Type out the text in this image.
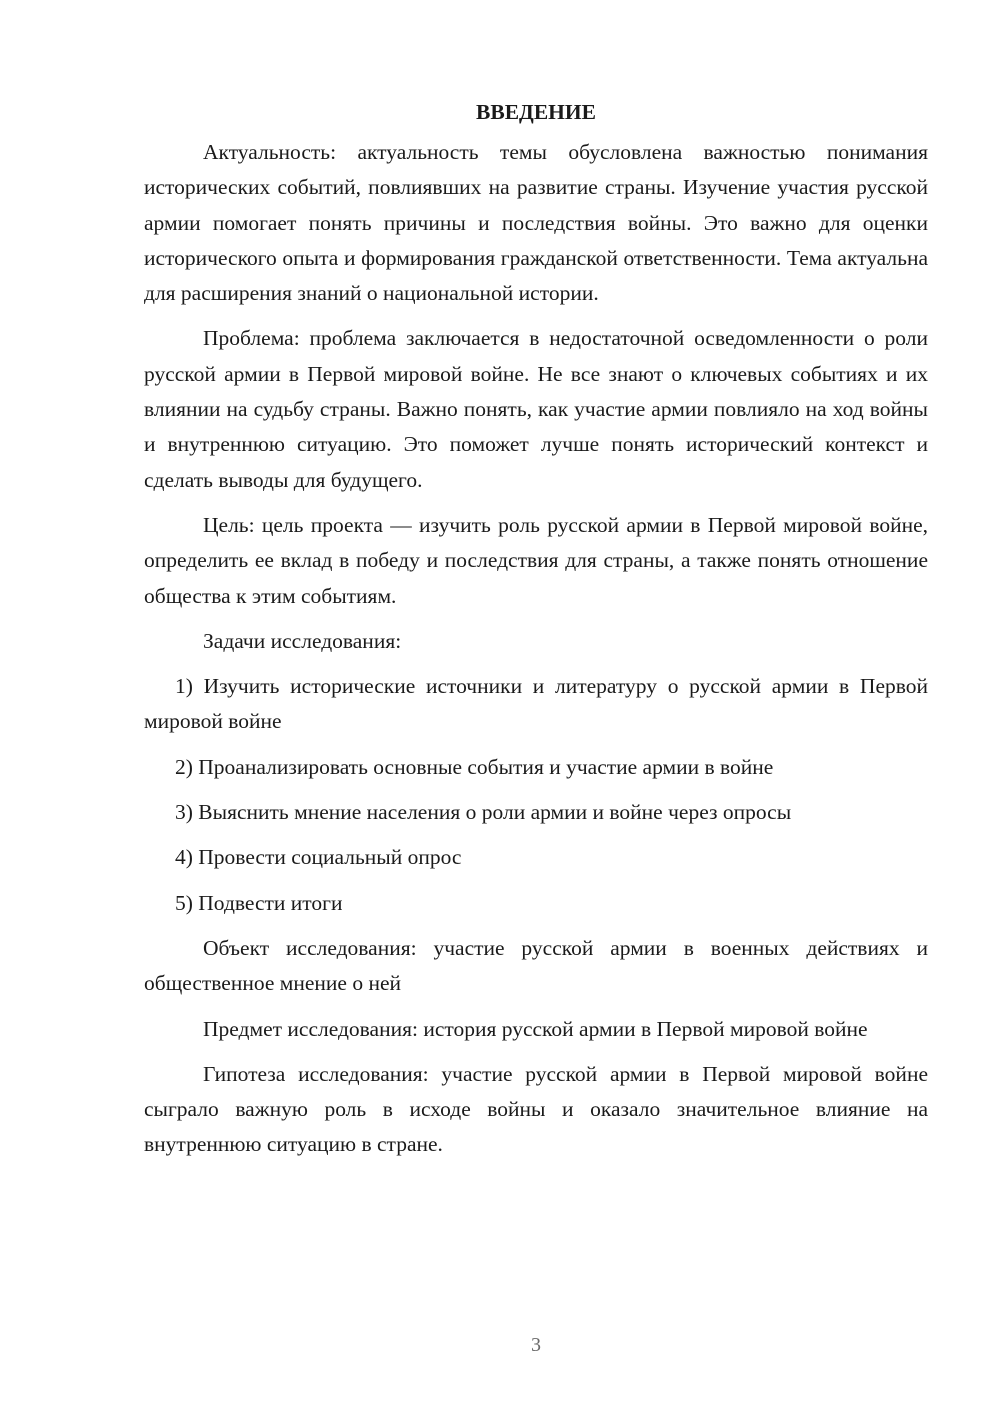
ВВЕДЕНИЕ
Актуальность: актуальность темы обусловлена важностью понимания исторических событий, повлиявших на развитие страны. Изучение участия русской армии помогает понять причины и последствия войны. Это важно для оценки исторического опыта и формирования гражданской ответственности. Тема актуальна для расширения знаний о национальной истории.
Проблема: проблема заключается в недостаточной осведомленности о роли русской армии в Первой мировой войне. Не все знают о ключевых событиях и их влиянии на судьбу страны. Важно понять, как участие армии повлияло на ход войны и внутреннюю ситуацию. Это поможет лучше понять исторический контекст и сделать выводы для будущего.
Цель: цель проекта — изучить роль русской армии в Первой мировой войне, определить ее вклад в победу и последствия для страны, а также понять отношение общества к этим событиям.
Задачи исследования:
1) Изучить исторические источники и литературу о русской армии в Первой мировой войне
2) Проанализировать основные события и участие армии в войне
3) Выяснить мнение населения о роли армии и войне через опросы
4) Провести социальный опрос
5) Подвести итоги
Объект исследования: участие русской армии в военных действиях и общественное мнение о ней
Предмет исследования: история русской армии в Первой мировой войне
Гипотеза исследования: участие русской армии в Первой мировой войне сыграло важную роль в исходе войны и оказало значительное влияние на внутреннюю ситуацию в стране.
3
